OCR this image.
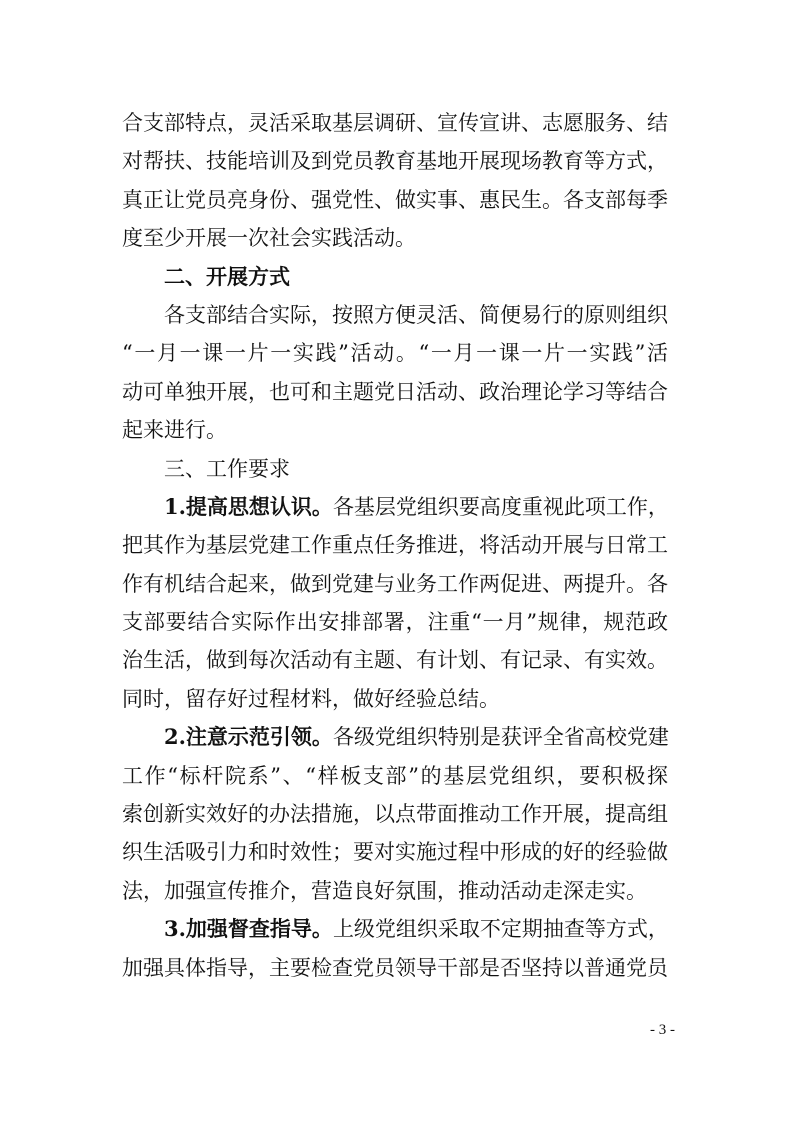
合支部特点，灵活采取基层调研、宣传宣讲、志愿服务、结
对帮扶、技能培训及到党员教育基地开展现场教育等方式，
真正让党员亮身份、强党性、做实事、惠民生。各支部每季
度至少开展一次社会实践活动。
二、开展方式
各支部结合实际，按照方便灵活、简便易行的原则组织
“一月一课一片一实践”活动。“一月一课一片一实践”活
动可单独开展，也可和主题党日活动、政治理论学习等结合
起来进行。
三、工作要求
1.提高思想认识。各基层党组织要高度重视此项工作，
把其作为基层党建工作重点任务推进，将活动开展与日常工
作有机结合起来，做到党建与业务工作两促进、两提升。各
支部要结合实际作出安排部署，注重“一月”规律，规范政
治生活，做到每次活动有主题、有计划、有记录、有实效。
同时，留存好过程材料，做好经验总结。
2.注意示范引领。各级党组织特别是获评全省高校党建
工作“标杆院系”、“样板支部”的基层党组织，要积极探
索创新实效好的办法措施，以点带面推动工作开展，提高组
织生活吸引力和时效性；要对实施过程中形成的好的经验做
法，加强宣传推介，营造良好氛围，推动活动走深走实。
3.加强督查指导。上级党组织采取不定期抽查等方式，
加强具体指导，主要检查党员领导干部是否坚持以普通党员
- 3 -
